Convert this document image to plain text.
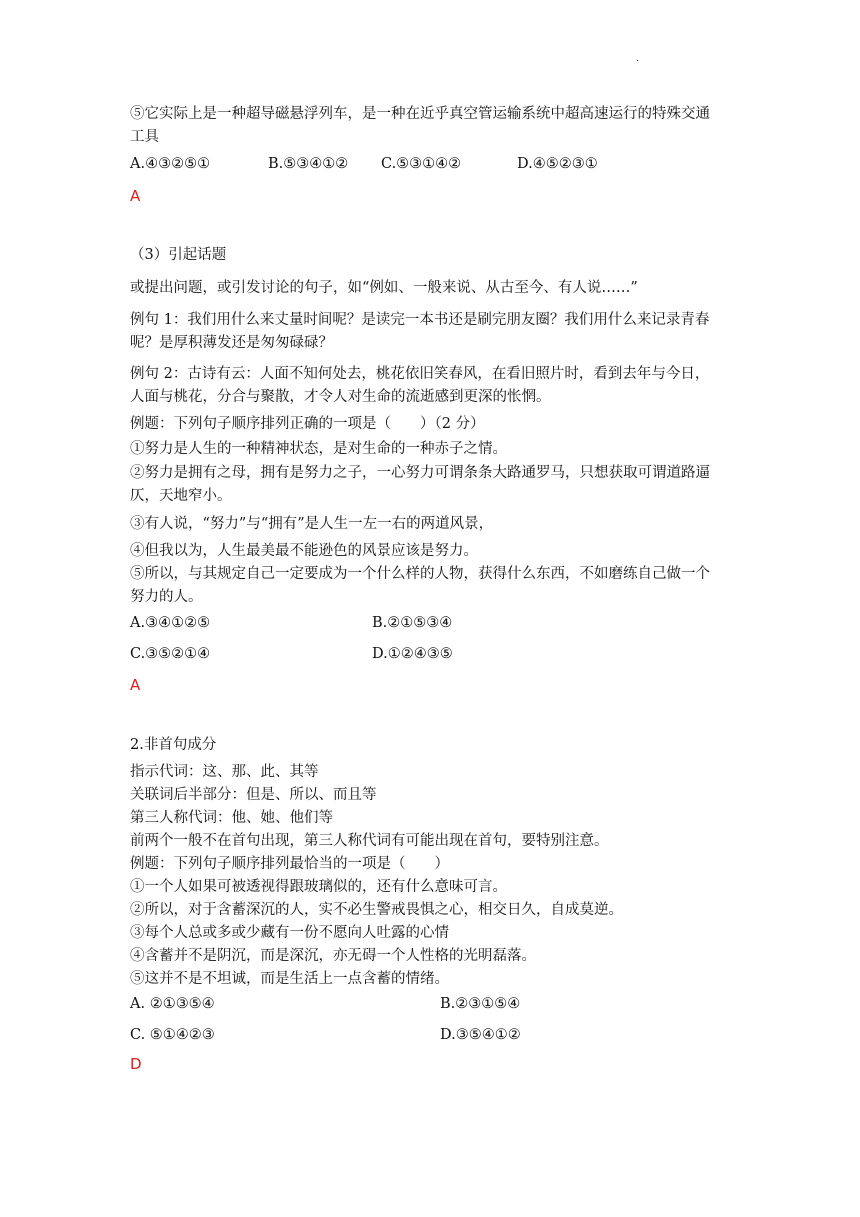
·
⑤它实际上是一种超导磁悬浮列车，是一种在近乎真空管运输系统中超高速运行的特殊交通
工具
A.④③②⑤①	B.⑤③④①② C.⑤③①④②	D.④⑤②③①
A
（3）引起话题
或提出问题，或引发讨论的句子，如“例如、一般来说、从古至今、有人说……”
例句 1：我们用什么来丈量时间呢？是读完一本书还是刷完朋友圈？我们用什么来记录青春
呢？是厚积薄发还是匆匆碌碌？
例句 2：古诗有云：人面不知何处去，桃花依旧笑春风，在看旧照片时，看到去年与今日，
人面与桃花，分合与聚散，才令人对生命的流逝感到更深的怅惘。
例题：下列句子顺序排列正确的一项是（　　）（2 分）
①努力是人生的一种精神状态，是对生命的一种赤子之情。
②努力是拥有之母，拥有是努力之子，一心努力可谓条条大路通罗马，只想获取可谓道路逼
仄，天地窄小。
③有人说，“努力”与“拥有”是人生一左一右的两道风景，
④但我以为，人生最美最不能逊色的风景应该是努力。
⑤所以，与其规定自己一定要成为一个什么样的人物，获得什么东西，不如磨练自己做一个
努力的人。
A.③④①②⑤	B.②①⑤③④
C.③⑤②①④	D.①②④③⑤
A
2.非首句成分
指示代词：这、那、此、其等
关联词后半部分：但是、所以、而且等
第三人称代词：他、她、他们等
前两个一般不在首句出现，第三人称代词有可能出现在首句，要特别注意。
例题：下列句子顺序排列最恰当的一项是（　　）
①一个人如果可被透视得跟玻璃似的，还有什么意味可言。
②所以，对于含蓄深沉的人，实不必生警戒畏惧之心，相交日久，自成莫逆。
③每个人总或多或少藏有一份不愿向人吐露的心情
④含蓄并不是阴沉，而是深沉，亦无碍一个人性格的光明磊落。
⑤这并不是不坦诚，而是生活上一点含蓄的情绪。
A. ②①③⑤④	B.②③①⑤④
C. ⑤①④②③	D.③⑤④①②
D
